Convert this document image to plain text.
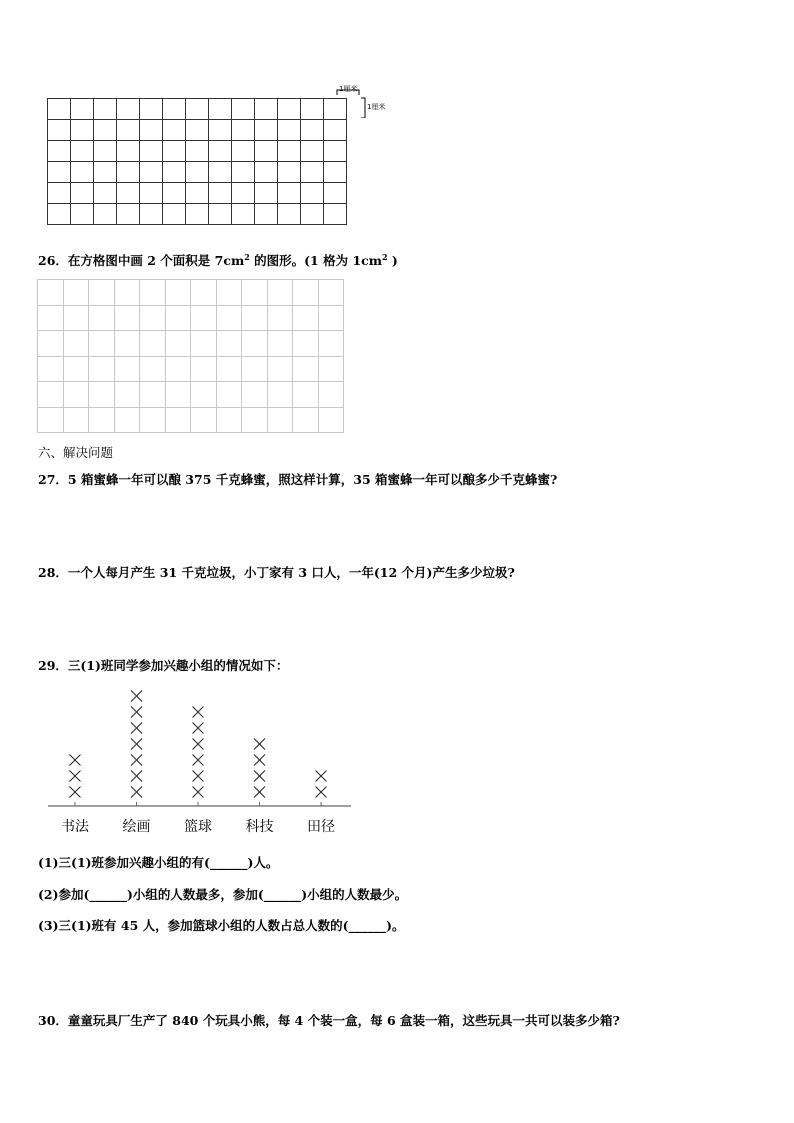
1厘米
1厘米
26．在方格图中画 2 个面积是 $7cm^2$ 的图形。(1 格为 $1cm^2$ )

六、解决问题
27．5 箱蜜蜂一年可以酿 375 千克蜂蜜，照这样计算，35 箱蜜蜂一年可以酿多少千克蜂蜜?
28．一个人每月产生 31 千克垃圾，小丁家有 3 口人，一年(12 个月)产生多少垃圾?
29．三(1)班同学参加兴趣小组的情况如下：
书法 绘画 篮球 科技 田径
(1)三(1)班参加兴趣小组的有(______)人。
(2)参加(______)小组的人数最多，参加(______)小组的人数最少。
(3)三(1)班有 45 人，参加篮球小组的人数占总人数的(______)。
30．童童玩具厂生产了 840 个玩具小熊，每 4 个装一盒，每 6 盒装一箱，这些玩具一共可以装多少箱?
